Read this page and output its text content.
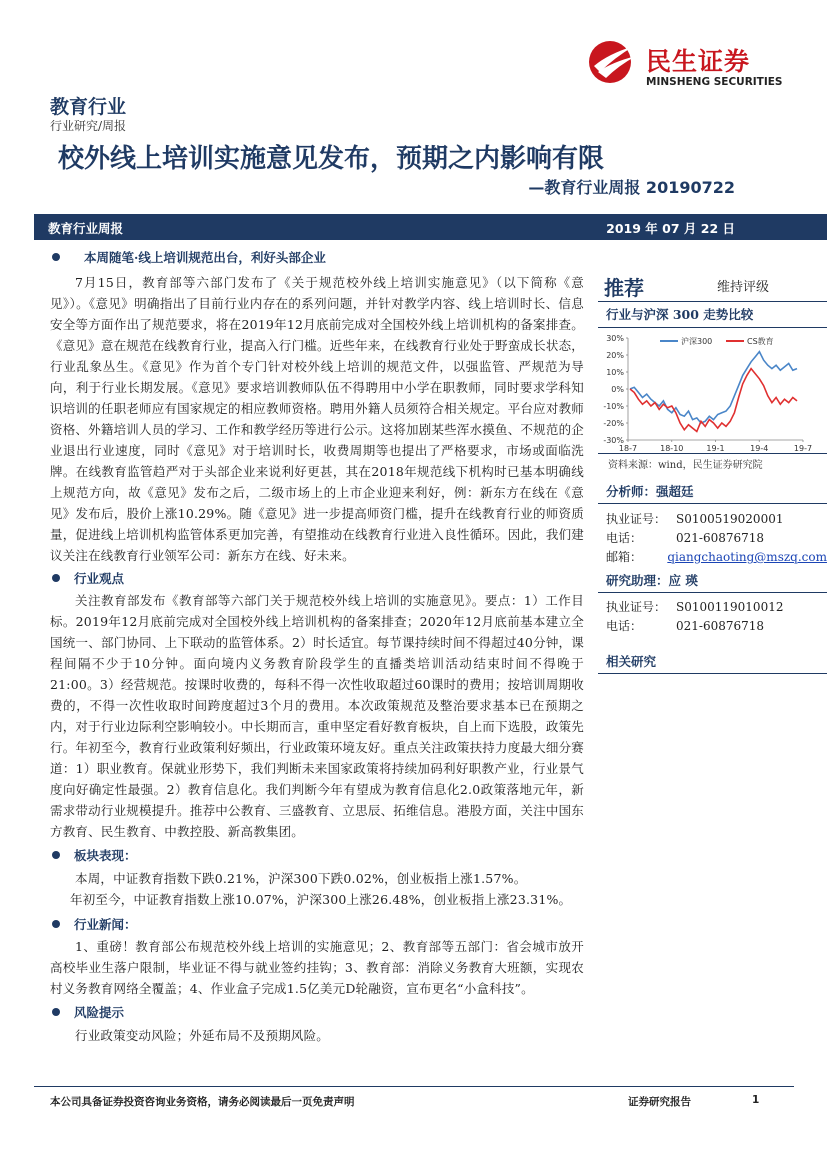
民生证券
MINSHENG SECURITIES
教育行业
行业研究/周报
校外线上培训实施意见发布，预期之内影响有限
—教育行业周报 20190722
教育行业周报	2019 年 07 月 22 日
本周随笔·线上培训规范出台，利好头部企业
7月15日，教育部等六部门发布了《关于规范校外线上培训实施意见》（以下简称《意见》）。《意见》明确指出了目前行业内存在的系列问题，并针对教学内容、线上培训时长、信息安全等方面作出了规范要求，将在2019年12月底前完成对全国校外线上培训机构的备案排查。《意见》意在规范在线教育行业，提高入行门槛。近些年来，在线教育行业处于野蛮成长状态，行业乱象丛生。《意见》作为首个专门针对校外线上培训的规范文件，以强监管、严规范为导向，利于行业长期发展。《意见》要求培训教师队伍不得聘用中小学在职教师，同时要求学科知识培训的任职老师应有国家规定的相应教师资格。聘用外籍人员须符合相关规定。平台应对教师资格、外籍培训人员的学习、工作和教学经历等进行公示。这将加剧某些浑水摸鱼、不规范的企业退出行业速度，同时《意见》对于培训时长，收费周期等也提出了严格要求，市场或面临洗牌。在线教育监管趋严对于头部企业来说利好更甚，其在2018年规范线下机构时已基本明确线上规范方向，故《意见》发布之后，二级市场上的上市企业迎来利好，例：新东方在线在《意见》发布后，股价上涨10.29%。随《意见》进一步提高师资门槛，提升在线教育行业的师资质量，促进线上培训机构监管体系更加完善，有望推动在线教育行业进入良性循环。因此，我们建议关注在线教育行业领军公司：新东方在线、好未来。
行业观点
关注教育部发布《教育部等六部门关于规范校外线上培训的实施意见》。要点：1）工作目标。2019年12月底前完成对全国校外线上培训机构的备案排查；2020年12月底前基本建立全国统一、部门协同、上下联动的监管体系。2）时长适宜。每节课持续时间不得超过40分钟，课程间隔不少于10分钟。面向境内义务教育阶段学生的直播类培训活动结束时间不得晚于21:00。3）经营规范。按课时收费的，每科不得一次性收取超过60课时的费用；按培训周期收费的，不得一次性收取时间跨度超过3个月的费用。本次政策规范及整治要求基本已在预期之内，对于行业边际利空影响较小。中长期而言，重申坚定看好教育板块，自上而下选股，政策先行。年初至今，教育行业政策利好频出，行业政策环境友好。重点关注政策扶持力度最大细分赛道：1）职业教育。保就业形势下，我们判断未来国家政策将持续加码利好职教产业，行业景气度向好确定性最强。2）教育信息化。我们判断今年有望成为教育信息化2.0政策落地元年，新需求带动行业规模提升。推荐中公教育、三盛教育、立思辰、拓维信息。港股方面，关注中国东方教育、民生教育、中教控股、新高教集团。
板块表现：
本周，中证教育指数下跌0.21%，沪深300下跌0.02%，创业板指上涨1.57%。
年初至今，中证教育指数上涨10.07%，沪深300上涨26.48%，创业板指上涨23.31%。
行业新闻：
1、重磅！教育部公布规范校外线上培训的实施意见；2、教育部等五部门：省会城市放开高校毕业生落户限制，毕业证不得与就业签约挂钩；3、教育部：消除义务教育大班额，实现农村义务教育网络全覆盖；4、作业盒子完成1.5亿美元D轮融资，宣布更名“小盒科技”。
风险提示
行业政策变动风险；外延布局不及预期风险。
推荐	维持评级
行业与沪深 300 走势比较
30%
20%
10%
0%
-10%
-20%
-30%
18-7	18-10	19-1	19-4	19-7
沪深300	CS教育
资料来源：wind，民生证券研究院
分析师：强超廷
执业证号： S0100519020001
电话：	021-60876718
邮箱：	qiangchaoting@mszq.com
研究助理：应 瑛
执业证号： S0100119010012
电话：	021-60876718
相关研究
本公司具备证券投资咨询业务资格，请务必阅读最后一页免责声明	证券研究报告	1
